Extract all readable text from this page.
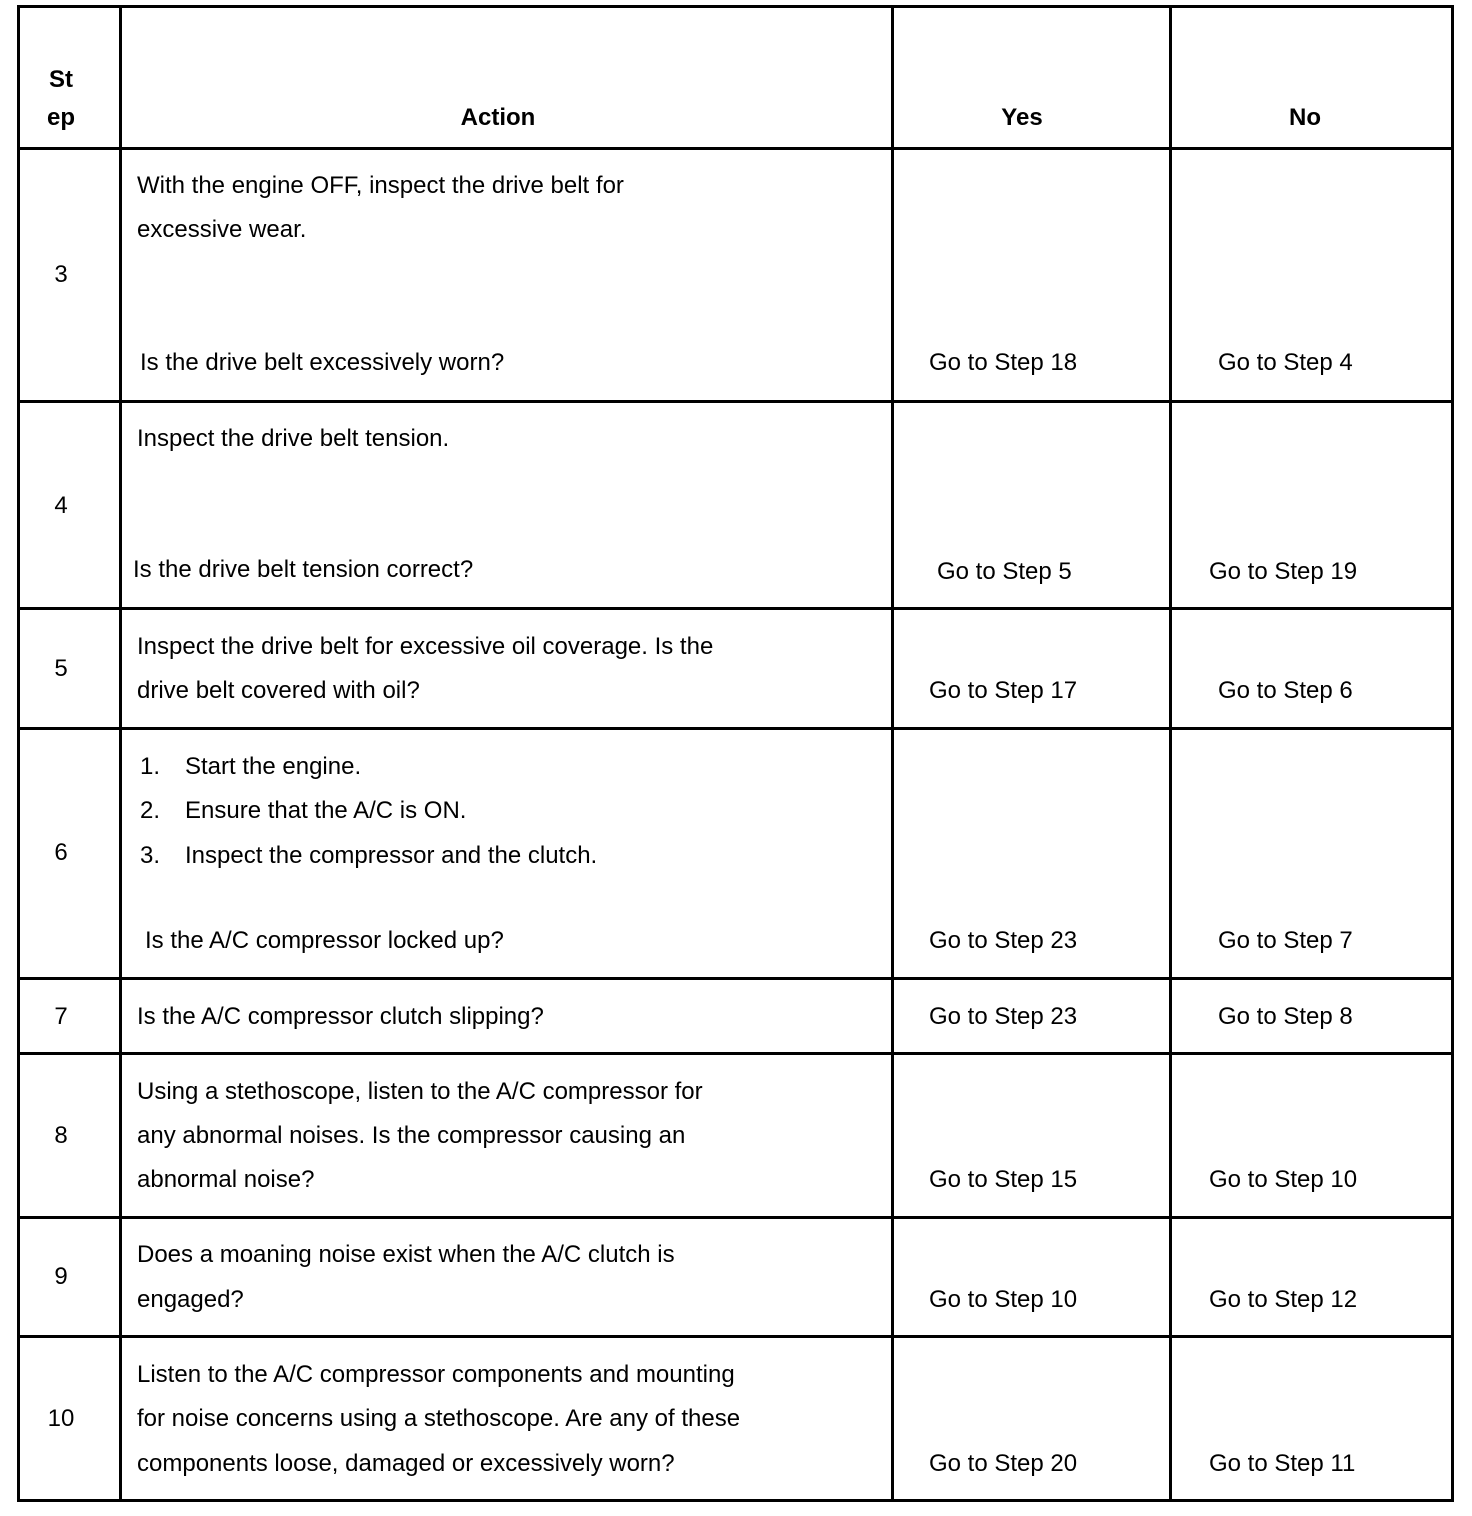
St
ep	Action	Yes	No
3
With the engine OFF, inspect the drive belt for
excessive wear.
Is the drive belt excessively worn?	Go to Step 18	Go to Step 4
4
Inspect the drive belt tension.
Is the drive belt tension correct?	Go to Step 5	Go to Step 19
5
Inspect the drive belt for excessive oil coverage. Is the
drive belt covered with oil?	Go to Step 17	Go to Step 6
6
1. Start the engine.
2. Ensure that the A/C is ON.
3. Inspect the compressor and the clutch.
Is the A/C compressor locked up?	Go to Step 23	Go to Step 7
7	Is the A/C compressor clutch slipping?	Go to Step 23	Go to Step 8
8
Using a stethoscope, listen to the A/C compressor for
any abnormal noises. Is the compressor causing an
abnormal noise?	Go to Step 15	Go to Step 10
9
Does a moaning noise exist when the A/C clutch is
engaged?	Go to Step 10	Go to Step 12
10
Listen to the A/C compressor components and mounting
for noise concerns using a stethoscope. Are any of these
components loose, damaged or excessively worn?	Go to Step 20	Go to Step 11
